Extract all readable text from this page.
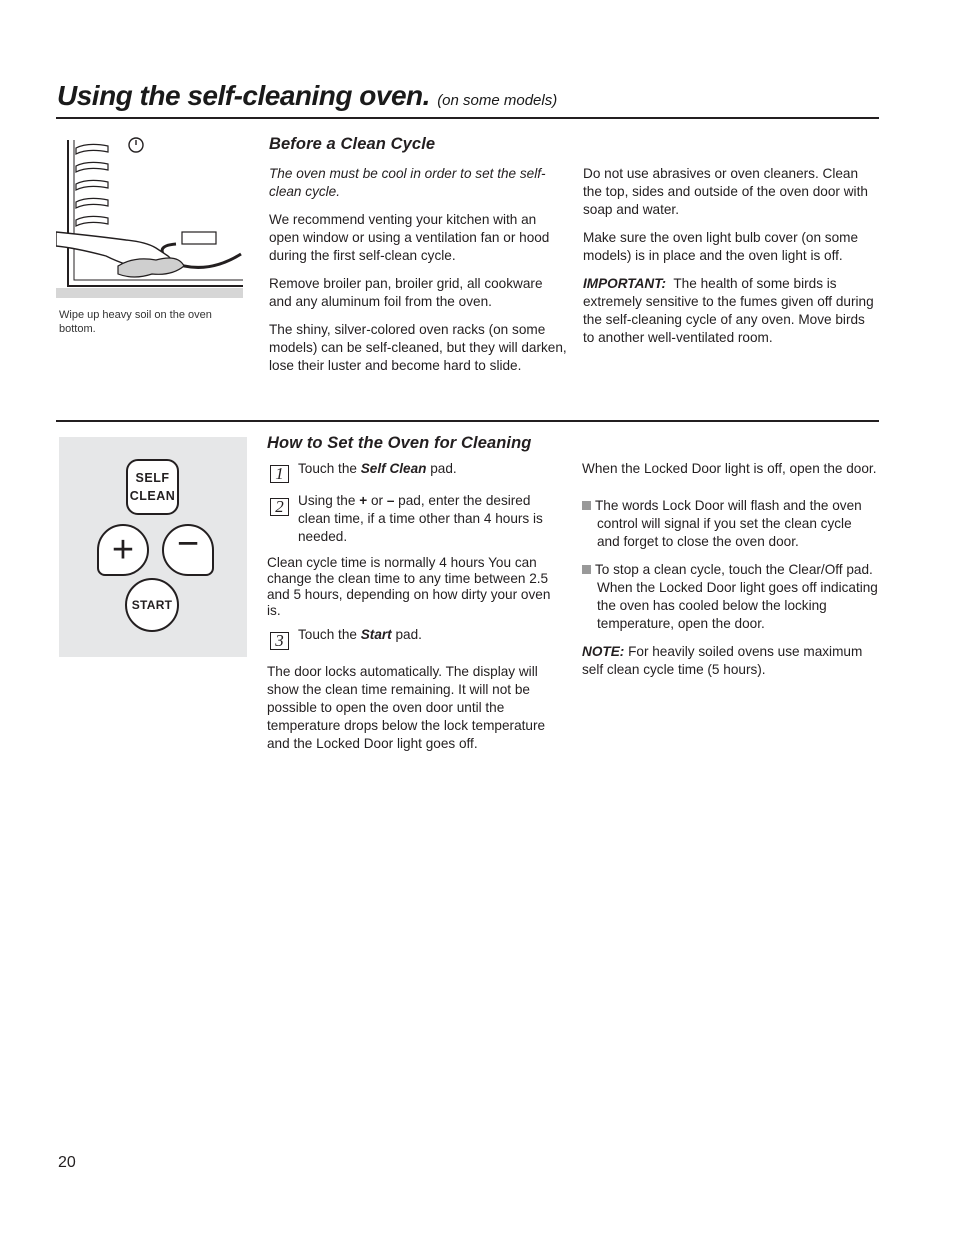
Using the self-cleaning oven. (on some models)
Wipe up heavy soil on the oven bottom.
Before a Clean Cycle

The oven must be cool in order to set the self-clean cycle.

We recommend venting your kitchen with an open window or using a ventilation fan or hood during the first self-clean cycle.

Remove broiler pan, broiler grid, all cookware and any aluminum foil from the oven.

The shiny, silver-colored oven racks (on some models) can be self-cleaned, but they will darken, lose their luster and become hard to slide.

Do not use abrasives or oven cleaners. Clean the top, sides and outside of the oven door with soap and water.

Make sure the oven light bulb cover (on some models) is in place and the oven light is off.

IMPORTANT: The health of some birds is extremely sensitive to the fumes given off during the self-cleaning cycle of any oven. Move birds to another well-ventilated room.

SELF
CLEAN
+ −
START
How to Set the Oven for Cleaning
1	Touch the Self Clean pad.
2	Using the + or – pad, enter the desired clean time, if a time other than 4 hours is needed.
Clean cycle time is normally 4 hours You can change the clean time to any time between 2.5 and 5 hours, depending on how dirty your oven is.
3	Touch the Start pad.
The door locks automatically. The display will show the clean time remaining. It will not be possible to open the oven door until the temperature drops below the lock temperature and the Locked Door light goes off.

When the Locked Door light is off, open the door.

The words Lock Door will flash and the oven control will signal if you set the clean cycle and forget to close the oven door.

To stop a clean cycle, touch the Clear/Off pad. When the Locked Door light goes off indicating the oven has cooled below the locking temperature, open the door.

NOTE: For heavily soiled ovens use maximum self clean cycle time (5 hours).

20
